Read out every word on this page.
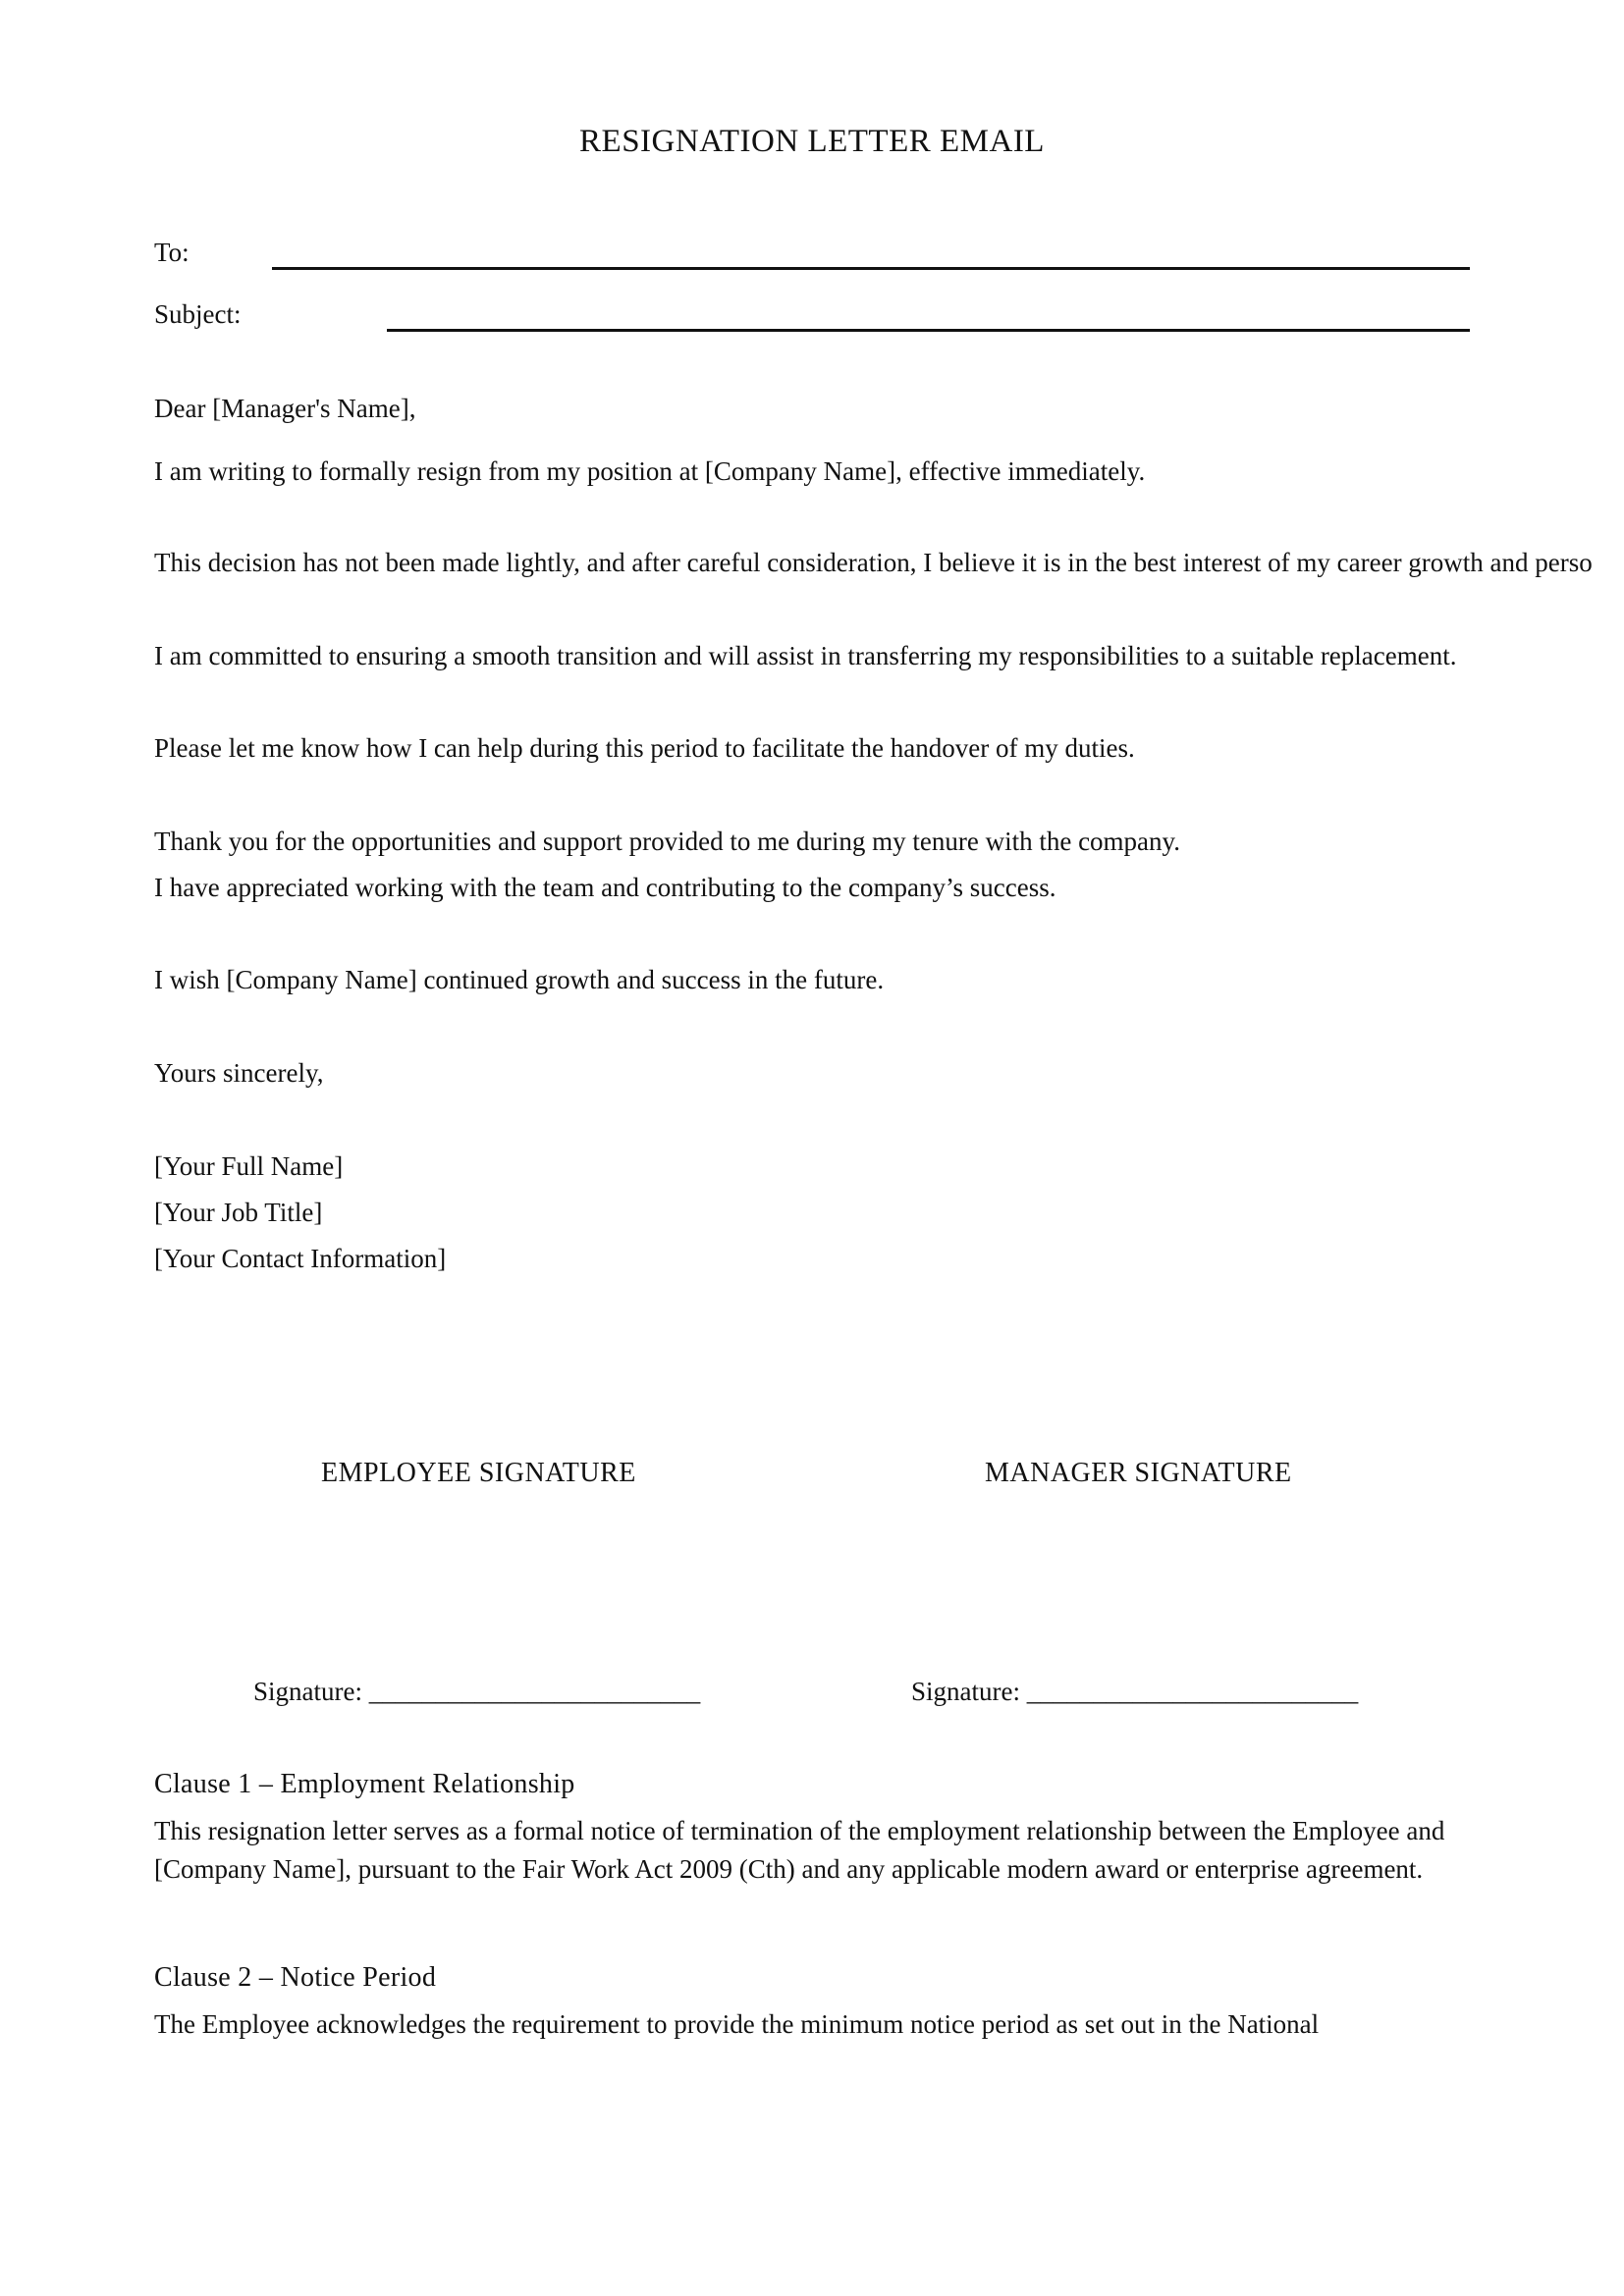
RESIGNATION LETTER EMAIL
To:
Subject:
Dear [Manager's Name],
I am writing to formally resign from my position at [Company Name], effective immediately.
This decision has not been made lightly, and after careful consideration, I believe it is in the best interest of my career growth and perso
I am committed to ensuring a smooth transition and will assist in transferring my responsibilities to a suitable replacement.
Please let me know how I can help during this period to facilitate the handover of my duties.
Thank you for the opportunities and support provided to me during my tenure with the company.
I have appreciated working with the team and contributing to the company’s success.
I wish [Company Name] continued growth and success in the future.
Yours sincerely,
[Your Full Name]
[Your Job Title]
[Your Contact Information]
EMPLOYEE SIGNATURE	MANAGER SIGNATURE
Signature: _________________________	Signature: _________________________
Clause 1 – Employment Relationship
This resignation letter serves as a formal notice of termination of the employment relationship between the Employee and [Company Name], pursuant to the Fair Work Act 2009 (Cth) and any applicable modern award or enterprise agreement.
Clause 2 – Notice Period
The Employee acknowledges the requirement to provide the minimum notice period as set out in the National
